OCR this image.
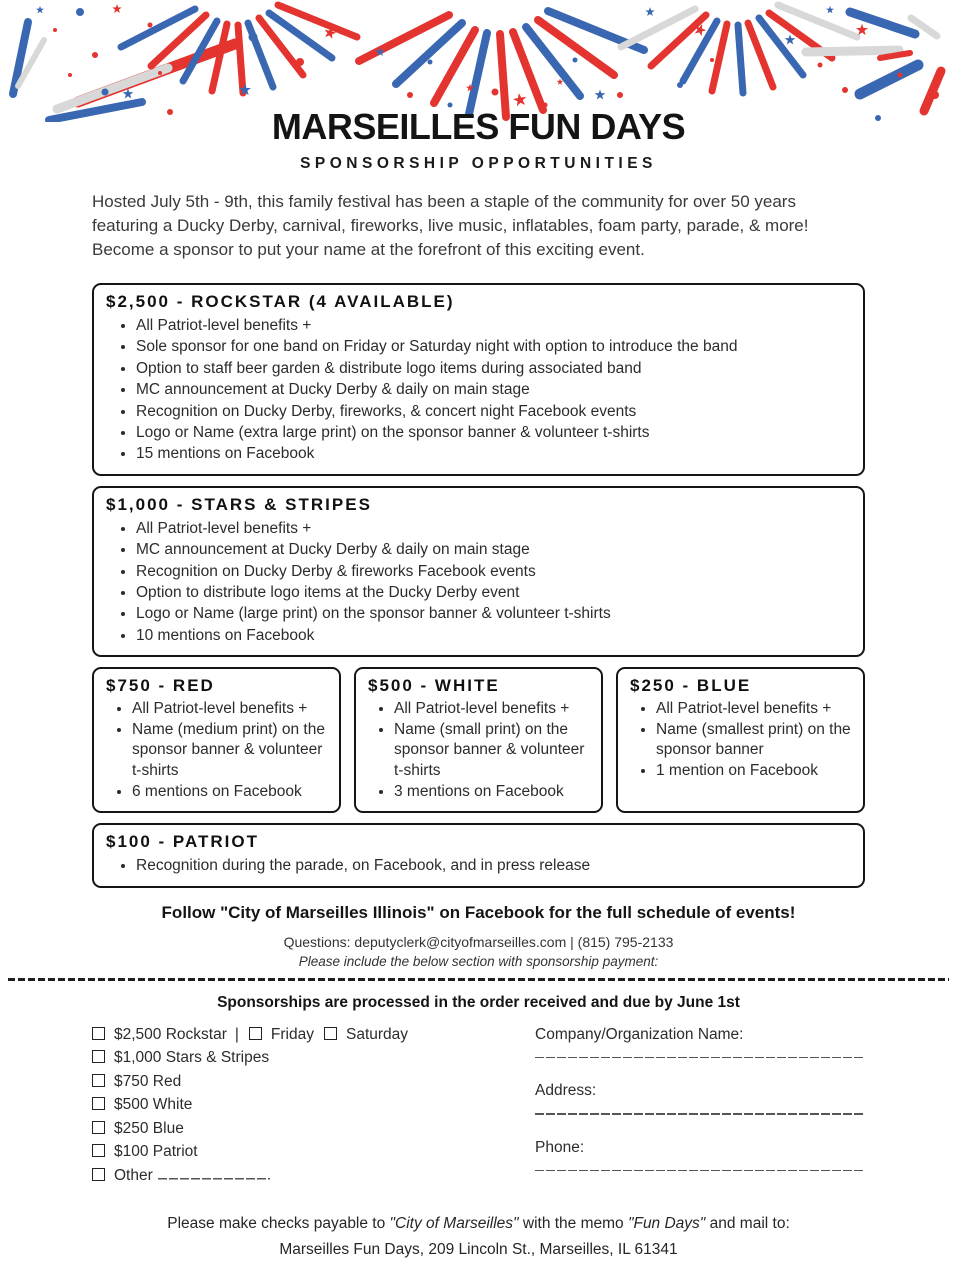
MARSEILLES FUN DAYS
SPONSORSHIP OPPORTUNITIES

Hosted July 5th - 9th, this family festival has been a staple of the community for over 50 years featuring a Ducky Derby, carnival, fireworks, live music, inflatables, foam party, parade, & more! Become a sponsor to put your name at the forefront of this exciting event.

$2,500 - ROCKSTAR (4 AVAILABLE)
• All Patriot-level benefits +
• Sole sponsor for one band on Friday or Saturday night with option to introduce the band
• Option to staff beer garden & distribute logo items during associated band
• MC announcement at Ducky Derby & daily on main stage
• Recognition on Ducky Derby, fireworks, & concert night Facebook events
• Logo or Name (extra large print) on the sponsor banner & volunteer t-shirts
• 15 mentions on Facebook
$1,000 - STARS & STRIPES
• All Patriot-level benefits +
• MC announcement at Ducky Derby & daily on main stage
• Recognition on Ducky Derby & fireworks Facebook events
• Option to distribute logo items at the Ducky Derby event
• Logo or Name (large print) on the sponsor banner & volunteer t-shirts
• 10 mentions on Facebook
$750 - RED
• All Patriot-level benefits +
• Name (medium print) on the sponsor banner & volunteer t-shirts
• 6 mentions on Facebook
$500 - WHITE
• All Patriot-level benefits +
• Name (small print) on the sponsor banner & volunteer t-shirts
• 3 mentions on Facebook
$250 - BLUE
• All Patriot-level benefits +
• Name (smallest print) on the sponsor banner
• 1 mention on Facebook
$100 - PATRIOT
• Recognition during the parade, on Facebook, and in press release
Follow "City of Marseilles Illinois" on Facebook for the full schedule of events!
Questions: deputyclerk@cityofmarseilles.com | (815) 795-2133
Please include the below section with sponsorship payment:
Sponsorships are processed in the order received and due by June 1st
$2,500 Rockstar | Friday Saturday
$1,000 Stars & Stripes
$750 Red
$500 White
$250 Blue
$100 Patriot
Other
Company/Organization Name:
Address:
Phone:
Please make checks payable to "City of Marseilles" with the memo "Fun Days" and mail to:
Marseilles Fun Days, 209 Lincoln St., Marseilles, IL 61341
